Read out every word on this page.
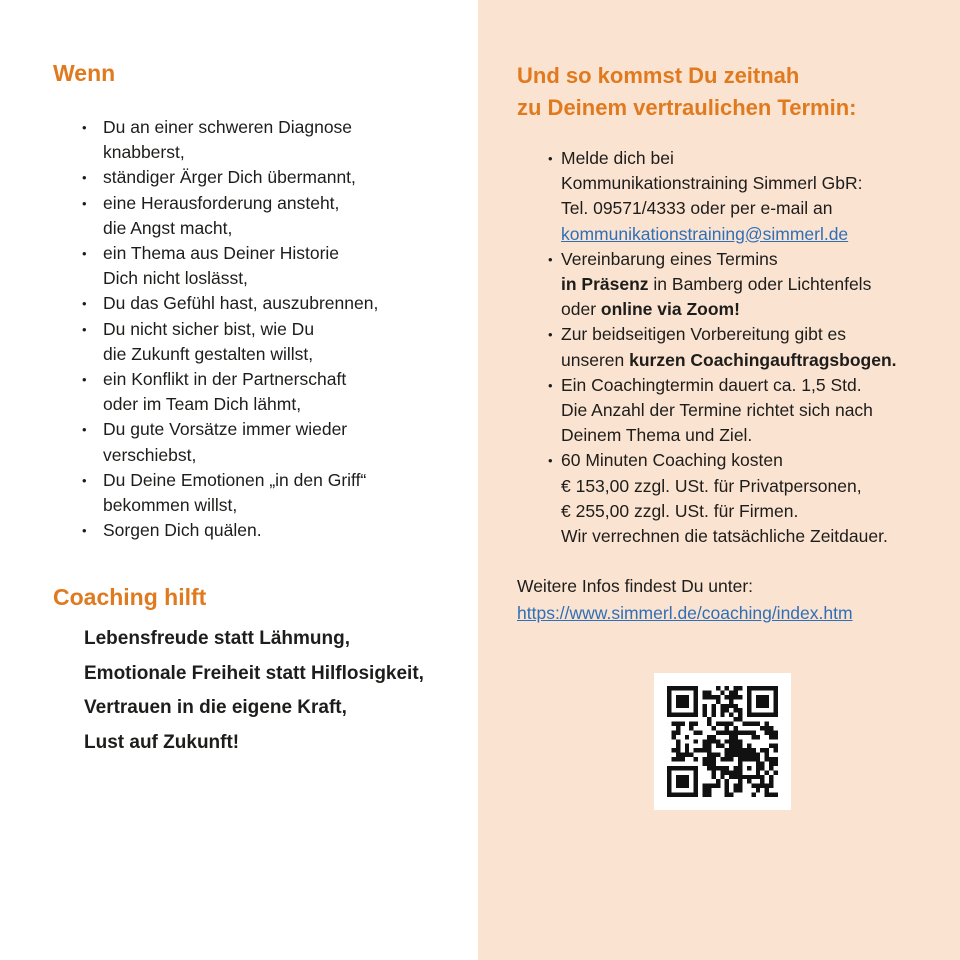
Wenn
• Du an einer schweren Diagnose
knabberst,
• ständiger Ärger Dich übermannt,
• eine Herausforderung ansteht,
die Angst macht,
• ein Thema aus Deiner Historie
Dich nicht loslässt,
• Du das Gefühl hast, auszubrennen,
• Du nicht sicher bist, wie Du
die Zukunft gestalten willst,
• ein Konflikt in der Partnerschaft
oder im Team Dich lähmt,
• Du gute Vorsätze immer wieder
verschiebst,
• Du Deine Emotionen „in den Griff“
bekommen willst,
• Sorgen Dich quälen.
Coaching hilft
Lebensfreude statt Lähmung,
Emotionale Freiheit statt Hilflosigkeit,
Vertrauen in die eigene Kraft,
Lust auf Zukunft!
Und so kommst Du zeitnah
zu Deinem vertraulichen Termin:
• Melde dich bei
Kommunikationstraining Simmerl GbR:
Tel. 09571/4333 oder per e-mail an
kommunikationstraining@simmerl.de
• Vereinbarung eines Termins
in Präsenz in Bamberg oder Lichtenfels
oder online via Zoom!
• Zur beidseitigen Vorbereitung gibt es
unseren kurzen Coachingauftragsbogen.
• Ein Coachingtermin dauert ca. 1,5 Std.
Die Anzahl der Termine richtet sich nach
Deinem Thema und Ziel.
• 60 Minuten Coaching kosten
€ 153,00 zzgl. USt. für Privatpersonen,
€ 255,00 zzgl. USt. für Firmen.
Wir verrechnen die tatsächliche Zeitdauer.
Weitere Infos findest Du unter:
https://www.simmerl.de/coaching/index.htm
